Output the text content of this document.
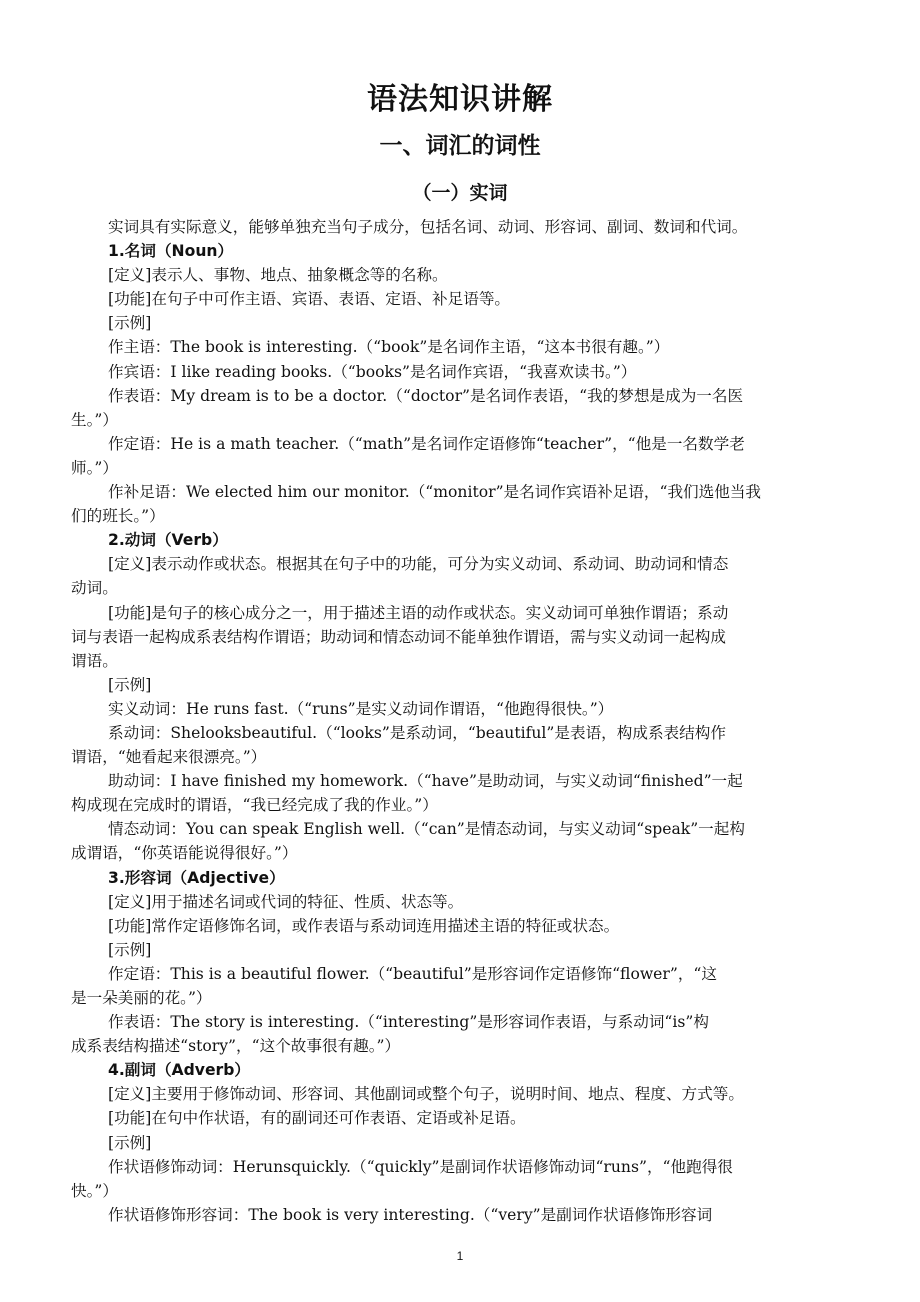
语法知识讲解
一、词汇的词性
（一）实词

实词具有实际意义，能够单独充当句子成分，包括名词、动词、形容词、副词、数词和代词。

1.名词（Noun）

[定义]表示人、事物、地点、抽象概念等的名称。

[功能]在句子中可作主语、宾语、表语、定语、补足语等。

[示例]

作主语：The book is interesting.（“book”是名词作主语，“这本书很有趣。”）

作宾语：I like reading books.（“books”是名词作宾语，“我喜欢读书。”）

作表语：My dream is to be a doctor.（“doctor”是名词作表语，“我的梦想是成为一名医

生。”）

作定语：He is a math teacher.（“math”是名词作定语修饰“teacher”，“他是一名数学老

师。”）

作补足语：We elected him our monitor.（“monitor”是名词作宾语补足语，“我们选他当我

们的班长。”）

2.动词（Verb）

[定义]表示动作或状态。根据其在句子中的功能，可分为实义动词、系动词、助动词和情态

动词。

[功能]是句子的核心成分之一，用于描述主语的动作或状态。实义动词可单独作谓语；系动

词与表语一起构成系表结构作谓语；助动词和情态动词不能单独作谓语，需与实义动词一起构成

谓语。

[示例]

实义动词：He runs fast.（“runs”是实义动词作谓语，“他跑得很快。”）

系动词：Shelooksbeautiful.（“looks”是系动词，“beautiful”是表语，构成系表结构作

谓语，“她看起来很漂亮。”）

助动词：I have finished my homework.（“have”是助动词，与实义动词“finished”一起

构成现在完成时的谓语，“我已经完成了我的作业。”）

情态动词：You can speak English well.（“can”是情态动词，与实义动词“speak”一起构

成谓语，“你英语能说得很好。”）

3.形容词（Adjective）

[定义]用于描述名词或代词的特征、性质、状态等。

[功能]常作定语修饰名词，或作表语与系动词连用描述主语的特征或状态。

[示例]

作定语：This is a beautiful flower.（“beautiful”是形容词作定语修饰“flower”，“这

是一朵美丽的花。”）

作表语：The story is interesting.（“interesting”是形容词作表语，与系动词“is”构

成系表结构描述“story”，“这个故事很有趣。”）

4.副词（Adverb）

[定义]主要用于修饰动词、形容词、其他副词或整个句子，说明时间、地点、程度、方式等。

[功能]在句中作状语，有的副词还可作表语、定语或补足语。

[示例]

作状语修饰动词：Herunsquickly.（“quickly”是副词作状语修饰动词“runs”，“他跑得很

快。”）

作状语修饰形容词：The book is very interesting.（“very”是副词作状语修饰形容词

1
